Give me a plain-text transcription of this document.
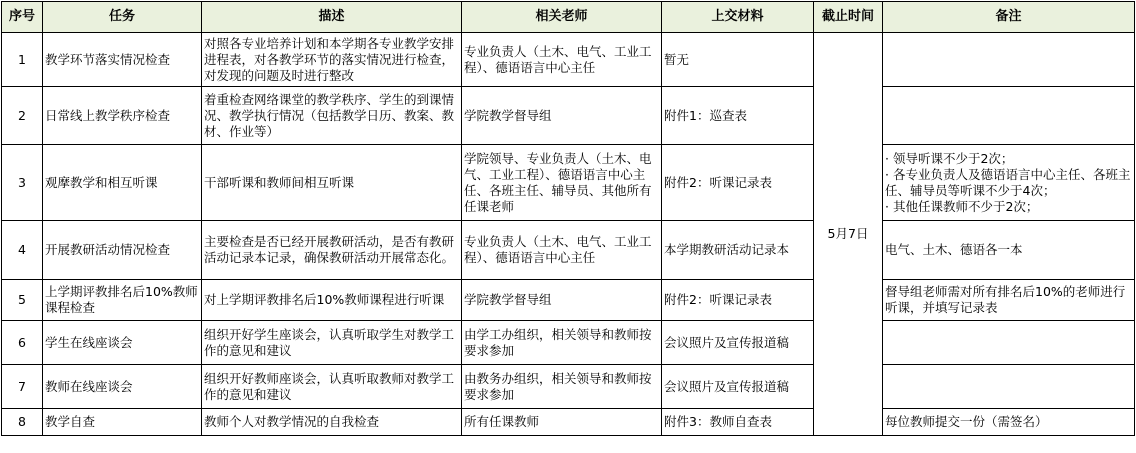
序号	任务	描述	相关老师	上交材料	截止时间	备注
1	教学环节落实情况检查	对照各专业培养计划和本学期各专业教学安排进程表，对各教学环节的落实情况进行检查，对发现的问题及时进行整改	专业负责人（土木、电气、工业工程）、德语语言中心主任	暂无	5月7日	
2	日常线上教学秩序检查	着重检查网络课堂的教学秩序、学生的到课情况、教学执行情况（包括教学日历、教案、教材、作业等）	学院教学督导组	附件1：巡查表		
3	观摩教学和相互听课	干部听课和教师间相互听课	学院领导、专业负责人（土木、电气、工业工程）、德语语言中心主任、各班主任、辅导员、其他所有任课老师	附件2：听课记录表		· 领导听课不少于2次；
· 各专业负责人及德语语言中心主任、各班主任、辅导员等听课不少于4次；
· 其他任课教师不少于2次；

4	开展教研活动情况检查	主要检查是否已经开展教研活动，是否有教研活动记录本记录，确保教研活动开展常态化。	专业负责人（土木、电气、工业工程）、德语语言中心主任	本学期教研活动记录本		电气、土木、德语各一本
5	上学期评教排名后10%教师课程检查	对上学期评教排名后10%教师课程进行听课	学院教学督导组	附件2：听课记录表		督导组老师需对所有排名后10%的老师进行听课，并填写记录表
6	学生在线座谈会	组织开好学生座谈会，认真听取学生对教学工作的意见和建议	由学工办组织，相关领导和教师按要求参加	会议照片及宣传报道稿		
7	教师在线座谈会	组织开好教师座谈会，认真听取教师对教学工作的意见和建议	由教务办组织，相关领导和教师按要求参加	会议照片及宣传报道稿		
8	教学自查	教师个人对教学情况的自我检查	所有任课教师	附件3：教师自查表		每位教师提交一份（需签名）
